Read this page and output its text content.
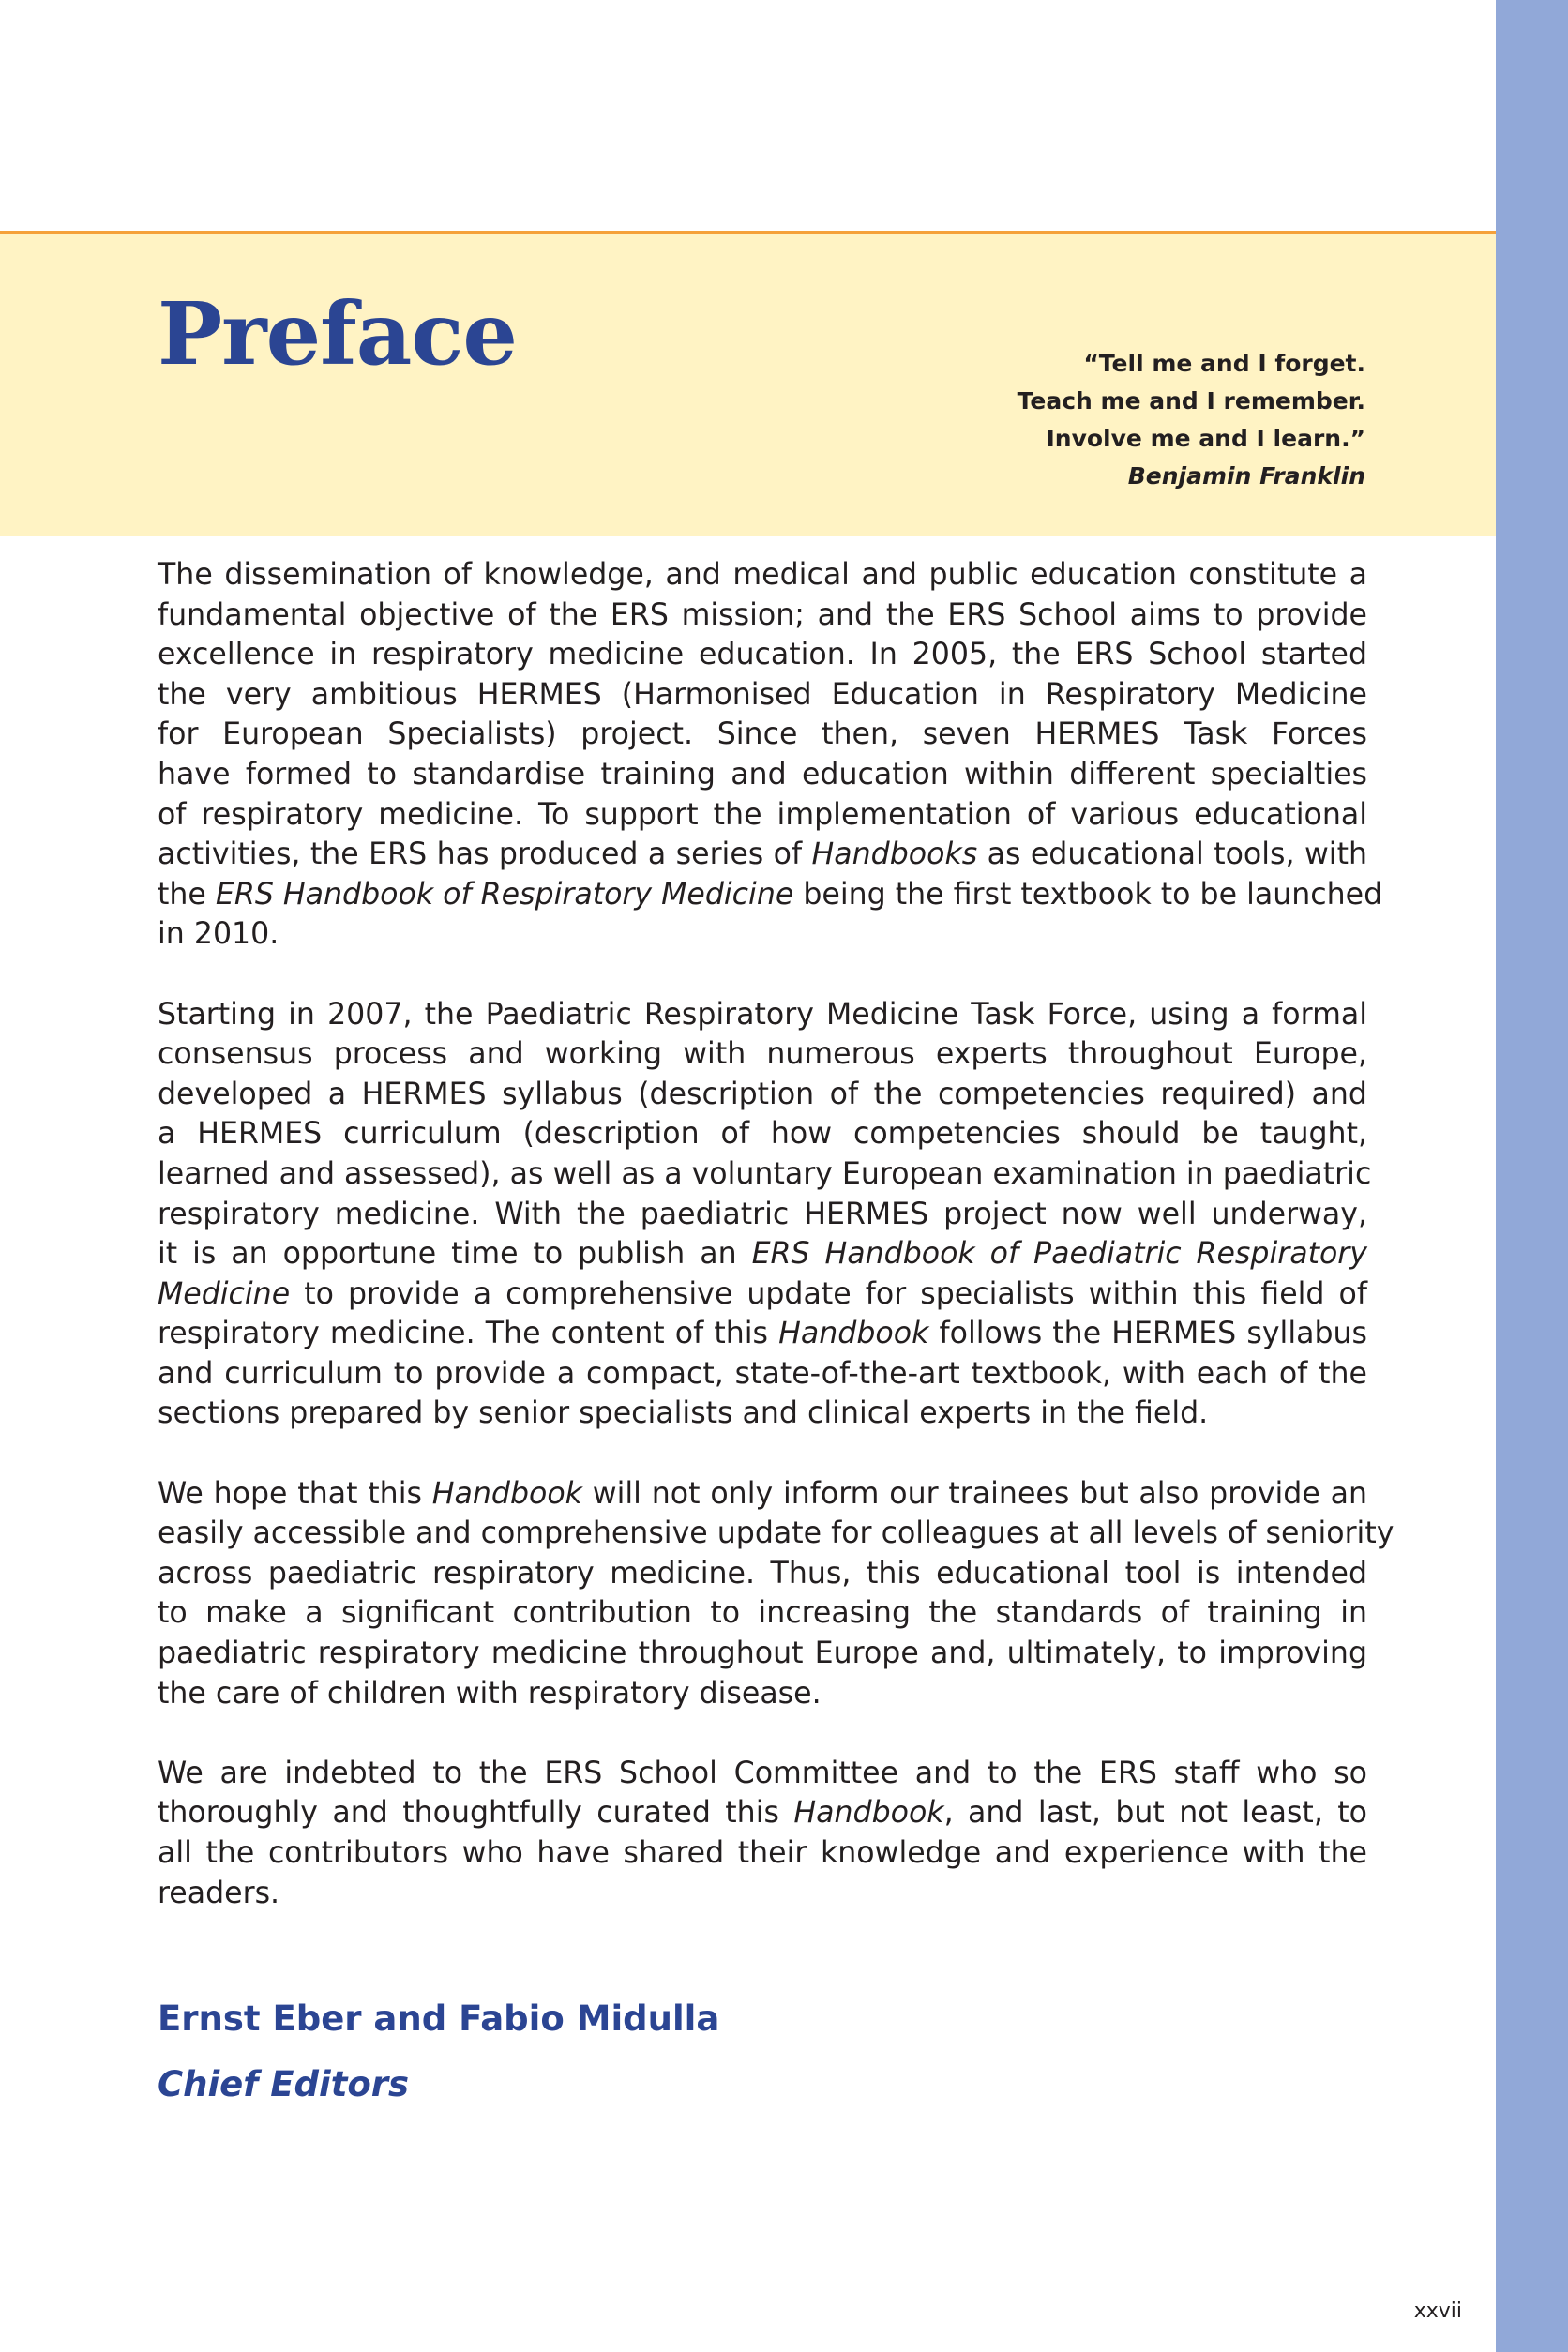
Preface	“Tell me and I forget.
Teach me and I remember.
Involve me and I learn.”
Benjamin Franklin

The dissemination of knowledge, and medical and public education constitute a
fundamental objective of the ERS mission; and the ERS School aims to provide
excellence in respiratory medicine education. In 2005, the ERS School started
the very ambitious HERMES (Harmonised Education in Respiratory Medicine
for European Specialists) project. Since then, seven HERMES Task Forces
have formed to standardise training and education within different specialties
of respiratory medicine. To support the implementation of various educational
activities, the ERS has produced a series of Handbooks as educational tools, with
the ERS Handbook of Respiratory Medicine being the first textbook to be launched
in 2010.

Starting in 2007, the Paediatric Respiratory Medicine Task Force, using a formal
consensus process and working with numerous experts throughout Europe,
developed a HERMES syllabus (description of the competencies required) and
a HERMES curriculum (description of how competencies should be taught,
learned and assessed), as well as a voluntary European examination in paediatric
respiratory medicine. With the paediatric HERMES project now well underway,
it is an opportune time to publish an ERS Handbook of Paediatric Respiratory
Medicine to provide a comprehensive update for specialists within this field of
respiratory medicine. The content of this Handbook follows the HERMES syllabus
and curriculum to provide a compact, state-of-the-art textbook, with each of the
sections prepared by senior specialists and clinical experts in the field.

We hope that this Handbook will not only inform our trainees but also provide an
easily accessible and comprehensive update for colleagues at all levels of seniority
across paediatric respiratory medicine. Thus, this educational tool is intended
to make a significant contribution to increasing the standards of training in
paediatric respiratory medicine throughout Europe and, ultimately, to improving
the care of children with respiratory disease.

We are indebted to the ERS School Committee and to the ERS staff who so
thoroughly and thoughtfully curated this Handbook, and last, but not least, to
all the contributors who have shared their knowledge and experience with the
readers.

Ernst Eber and Fabio Midulla
Chief Editors
xxvii
